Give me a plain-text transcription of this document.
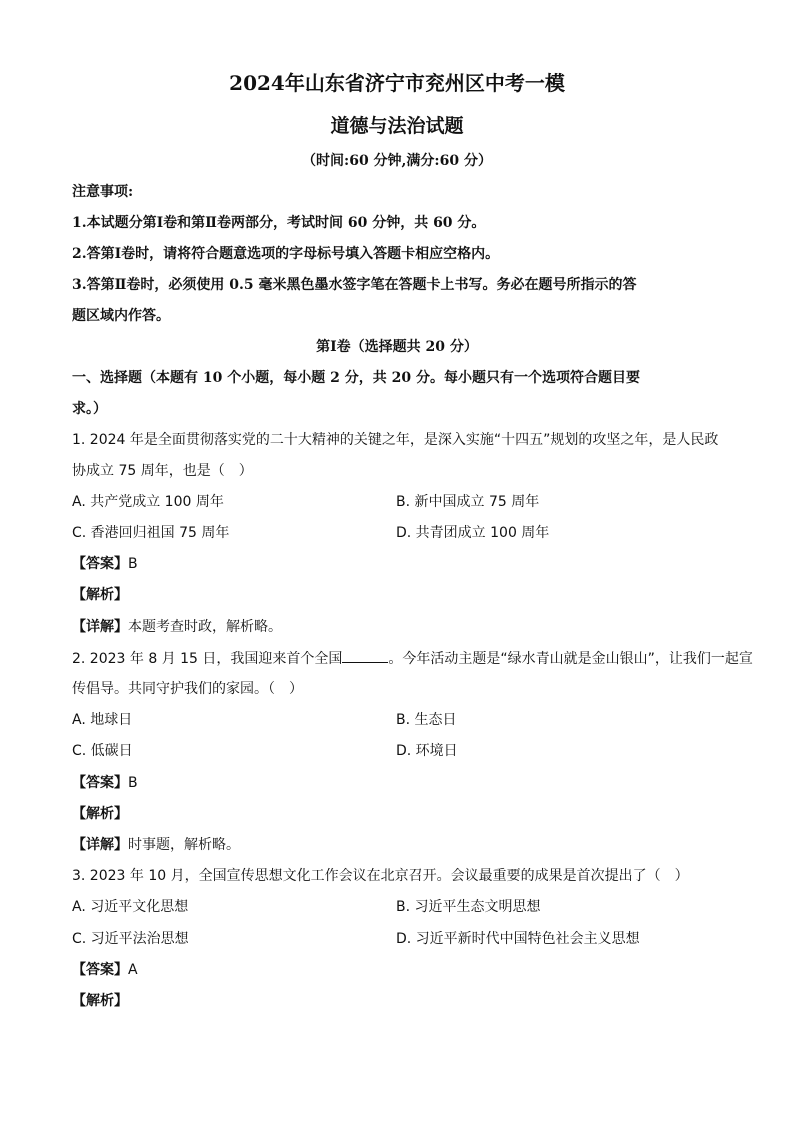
2024年山东省济宁市兖州区中考一模
道德与法治试题
（时间:60 分钟,满分:60 分）
注意事项:
1.本试题分第Ⅰ卷和第Ⅱ卷两部分，考试时间 60 分钟，共 60 分。
2.答第Ⅰ卷时，请将符合题意选项的字母标号填入答题卡相应空格内。
3.答第Ⅱ卷时，必须使用 0.5 毫米黑色墨水签字笔在答题卡上书写。务必在题号所指示的答
题区域内作答。
第Ⅰ卷（选择题共 20 分）
一、选择题（本题有 10 个小题，每小题 2 分，共 20 分。每小题只有一个选项符合题目要
求。）
1. 2024 年是全面贯彻落实党的二十大精神的关键之年，是深入实施“十四五”规划的攻坚之年，是人民政
协成立 75 周年，也是（　）
A. 共产党成立 100 周年	B. 新中国成立 75 周年
C. 香港回归祖国 75 周年	D. 共青团成立 100 周年
【答案】B
【解析】
【详解】本题考查时政，解析略。
2. 2023 年 8 月 15 日，我国迎来首个全国	。今年活动主题是“绿水青山就是金山银山”，让我们一起宣
传倡导。共同守护我们的家园。（　）
A. 地球日	B. 生态日
C. 低碳日	D. 环境日
【答案】B
【解析】
【详解】时事题，解析略。
3. 2023 年 10 月，全国宣传思想文化工作会议在北京召开。会议最重要的成果是首次提出了（　）
A. 习近平文化思想	B. 习近平生态文明思想
C. 习近平法治思想	D. 习近平新时代中国特色社会主义思想
【答案】A
【解析】
